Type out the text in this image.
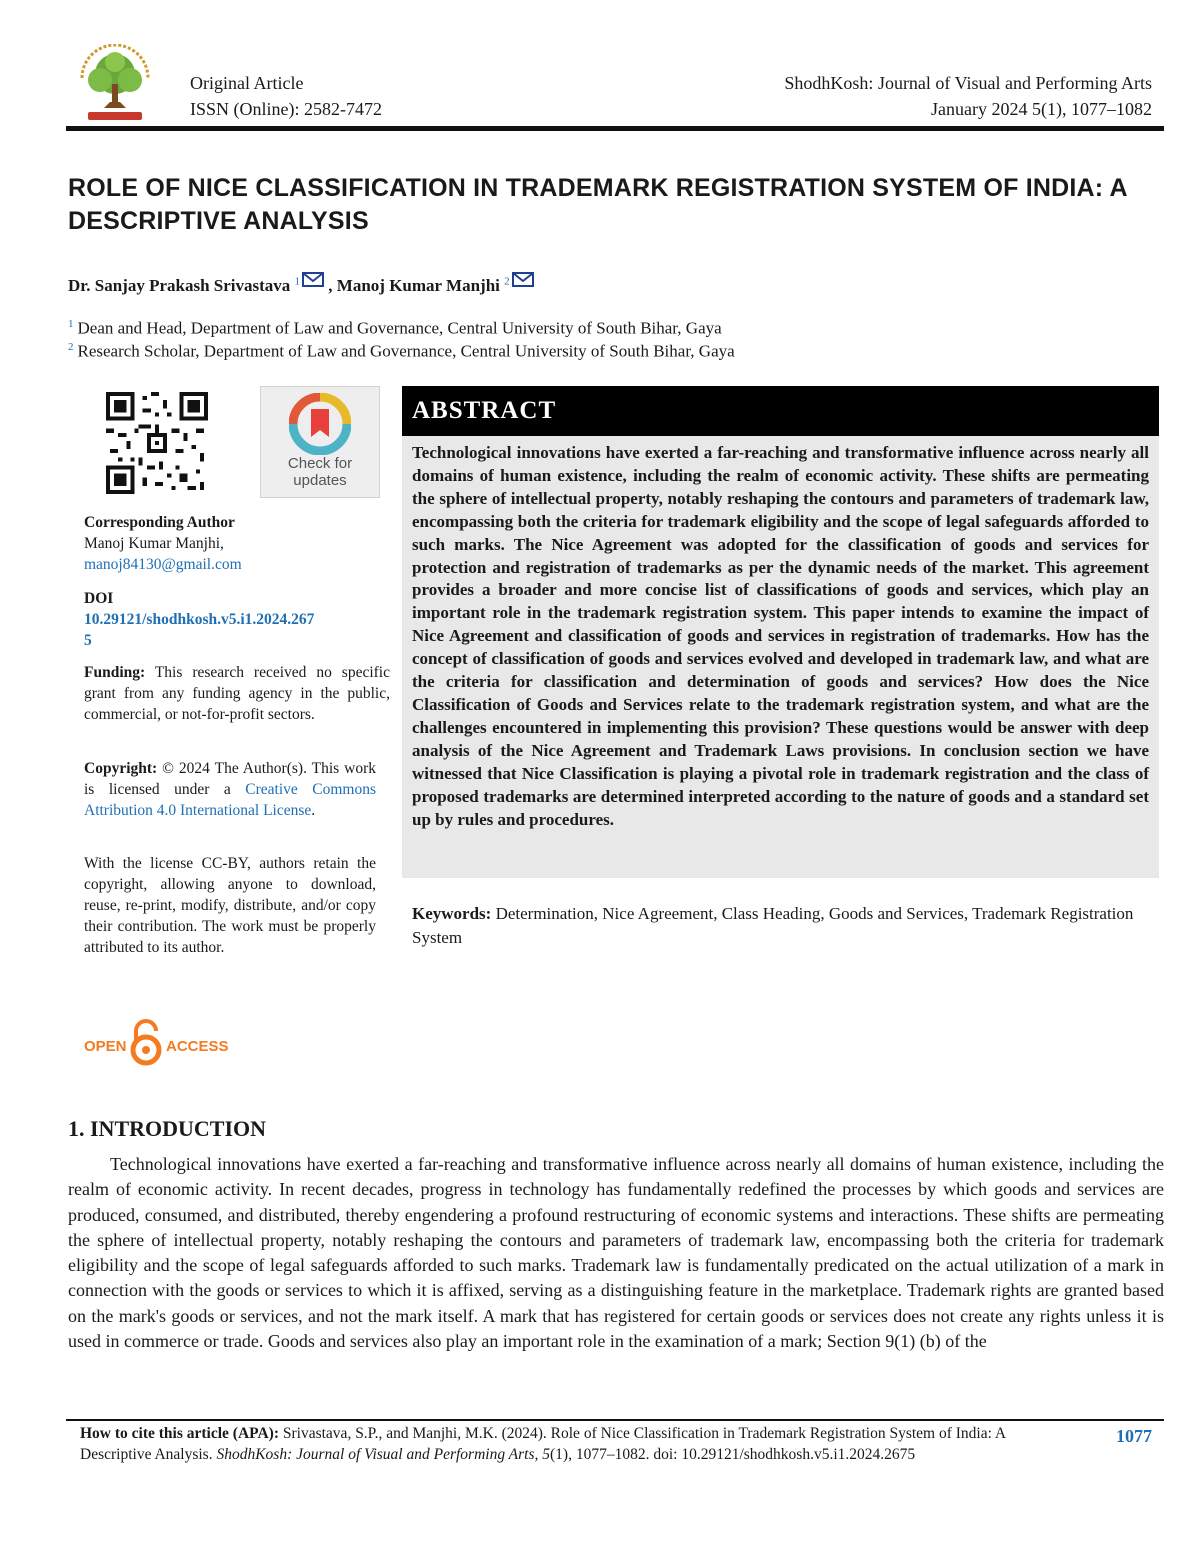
Original Article
ISSN (Online): 2582-7472
ShodhKosh: Journal of Visual and Performing Arts
January 2024 5(1), 1077–1082
ROLE OF NICE CLASSIFICATION IN TRADEMARK REGISTRATION SYSTEM OF INDIA: A DESCRIPTIVE ANALYSIS
Dr. Sanjay Prakash Srivastava $^1$ , Manoj Kumar Manjhi $^2$
$^1$ Dean and Head, Department of Law and Governance, Central University of South Bihar, Gaya
$^2$ Research Scholar, Department of Law and Governance, Central University of South Bihar, Gaya
Check for
updates
Corresponding Author
Manoj Kumar Manjhi,
manoj84130@gmail.com
DOI
10.29121/shodhkosh.v5.i1.2024.267
5
Funding: This research received no specific grant from any funding agency in the public, commercial, or not-for-profit sectors.
Copyright: © 2024 The Author(s). This work is licensed under a Creative Commons Attribution 4.0 International License.
With the license CC-BY, authors retain the copyright, allowing anyone to download, reuse, re-print, modify, distribute, and/or copy their contribution. The work must be properly attributed to its author.
OPEN	ACCESS
ABSTRACT
Technological innovations have exerted a far-reaching and transformative influence across nearly all domains of human existence, including the realm of economic activity. These shifts are permeating the sphere of intellectual property, notably reshaping the contours and parameters of trademark law, encompassing both the criteria for trademark eligibility and the scope of legal safeguards afforded to such marks. The Nice Agreement was adopted for the classification of goods and services for protection and registration of trademarks as per the dynamic needs of the market. This agreement provides a broader and more concise list of classifications of goods and services, which play an important role in the trademark registration system. This paper intends to examine the impact of Nice Agreement and classification of goods and services in registration of trademarks. How has the concept of classification of goods and services evolved and developed in trademark law, and what are the criteria for classification and determination of goods and services? How does the Nice Classification of Goods and Services relate to the trademark registration system, and what are the challenges encountered in implementing this provision? These questions would be answer with deep analysis of the Nice Agreement and Trademark Laws provisions. In conclusion section we have witnessed that Nice Classification is playing a pivotal role in trademark registration and the class of proposed trademarks are determined interpreted according to the nature of goods and a standard set up by rules and procedures.
Keywords: Determination, Nice Agreement, Class Heading, Goods and Services, Trademark Registration System
1. INTRODUCTION
Technological innovations have exerted a far-reaching and transformative influence across nearly all domains of human existence, including the realm of economic activity. In recent decades, progress in technology has fundamentally redefined the processes by which goods and services are produced, consumed, and distributed, thereby engendering a profound restructuring of economic systems and interactions. These shifts are permeating the sphere of intellectual property, notably reshaping the contours and parameters of trademark law, encompassing both the criteria for trademark eligibility and the scope of legal safeguards afforded to such marks. Trademark law is fundamentally predicated on the actual utilization of a mark in connection with the goods or services to which it is affixed, serving as a distinguishing feature in the marketplace. Trademark rights are granted based on the mark's goods or services, and not the mark itself. A mark that has registered for certain goods or services does not create any rights unless it is used in commerce or trade. Goods and services also play an important role in the examination of a mark; Section 9(1) (b) of the
How to cite this article (APA): Srivastava, S.P., and Manjhi, M.K. (2024). Role of Nice Classification in Trademark Registration System of India: A Descriptive Analysis. ShodhKosh: Journal of Visual and Performing Arts, 5(1), 1077–1082. doi: 10.29121/shodhkosh.v5.i1.2024.2675
1077
